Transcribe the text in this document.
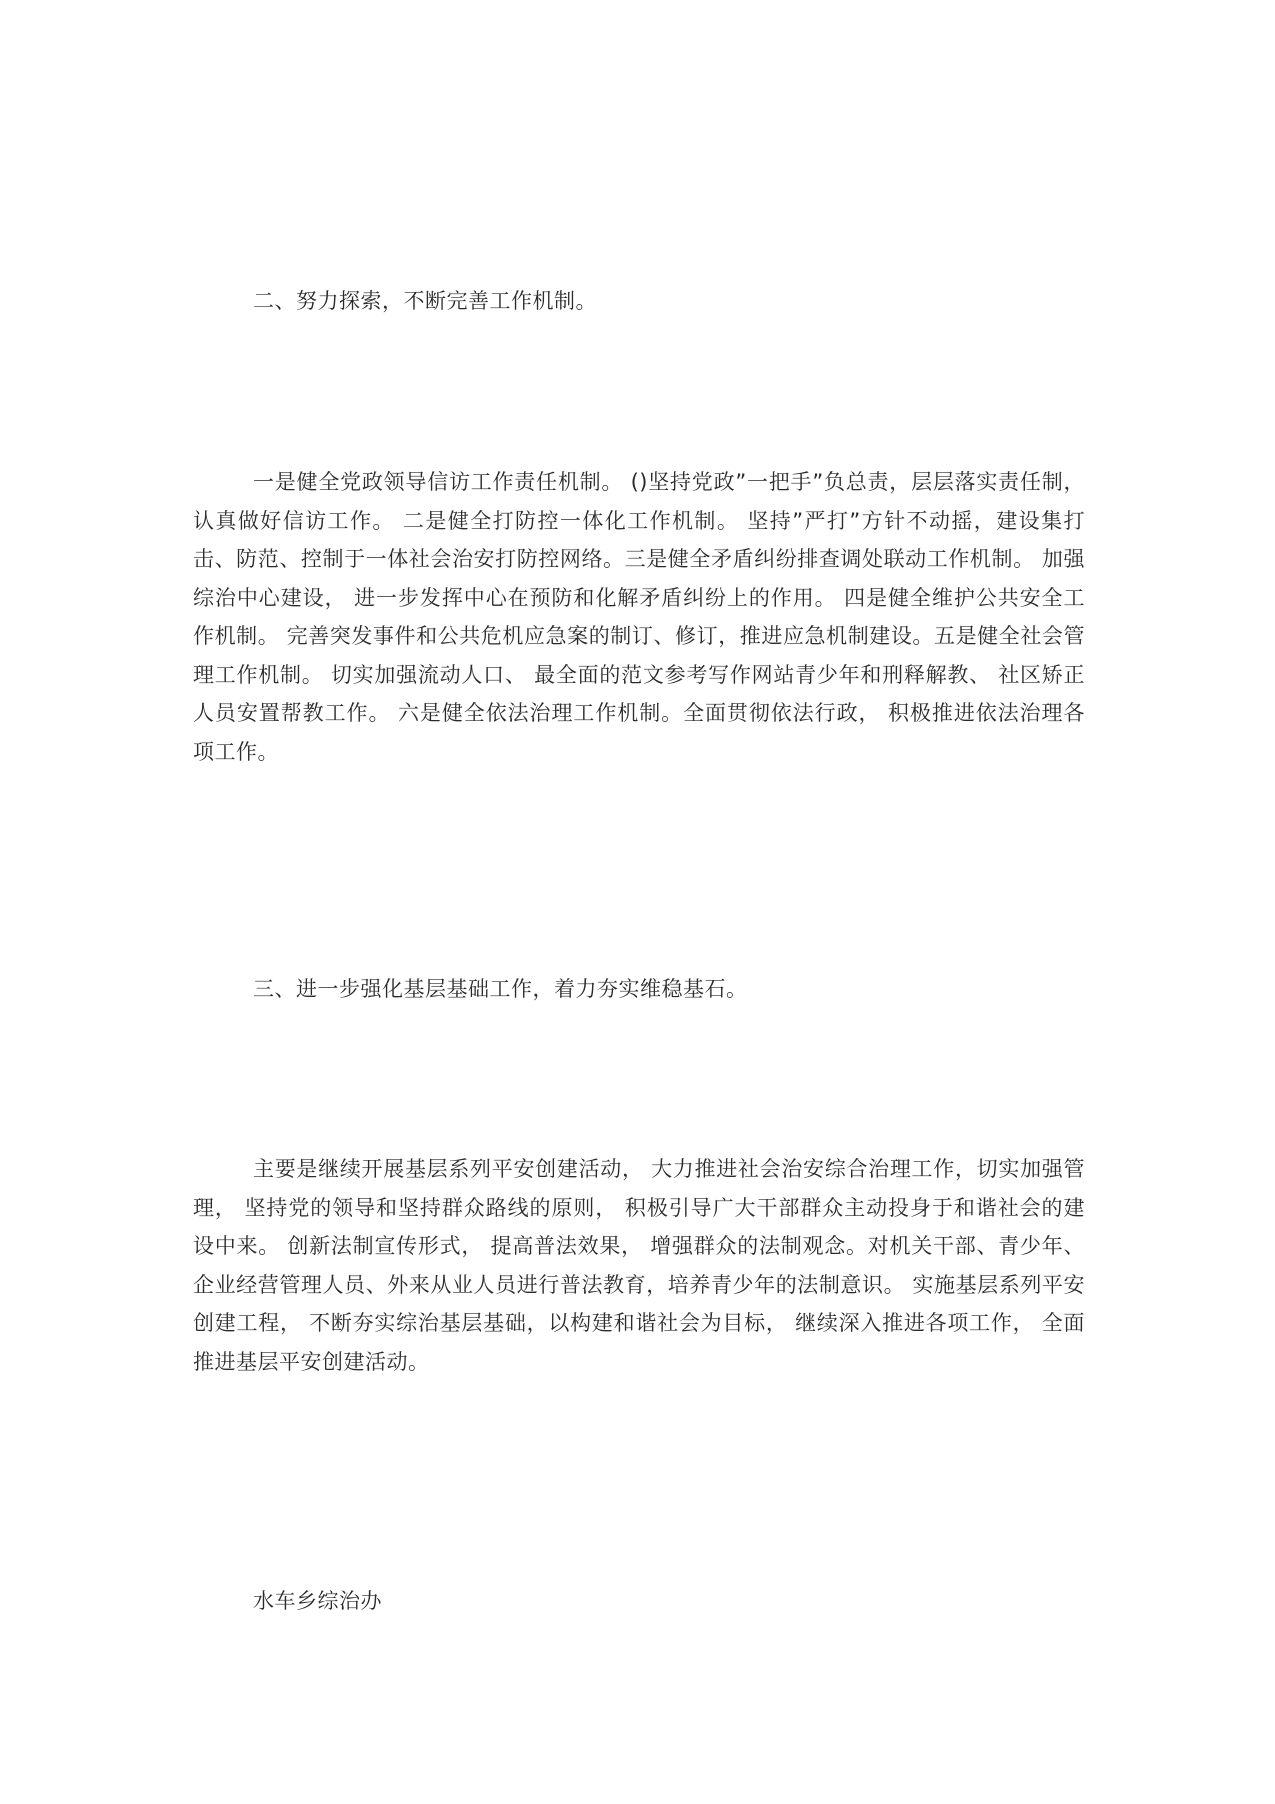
二、努力探索，不断完善工作机制。

一是健全党政领导信访工作责任机制。 ()坚持党政”一把手”负总责，层层落实责任制， 认真做好信访工作。 二是健全打防控一体化工作机制。 坚持”严打”方针不动摇，建设集打击、防范、控制于一体社会治安打防控网络。三是健全矛盾纠纷排查调处联动工作机制。 加强综治中心建设， 进一步发挥中心在预防和化解矛盾纠纷上的作用。 四是健全维护公共安全工作机制。 完善突发事件和公共危机应急案的制订、修订，推进应急机制建设。五是健全社会管理工作机制。 切实加强流动人口、 最全面的范文参考写作网站青少年和刑释解教、 社区矫正人员安置帮教工作。 六是健全依法治理工作机制。全面贯彻依法行政， 积极推进依法治理各项工作。

三、进一步强化基层基础工作，着力夯实维稳基石。

主要是继续开展基层系列平安创建活动， 大力推进社会治安综合治理工作，切实加强管理， 坚持党的领导和坚持群众路线的原则， 积极引导广大干部群众主动投身于和谐社会的建设中来。 创新法制宣传形式， 提高普法效果， 增强群众的法制观念。对机关干部、青少年、企业经营管理人员、外来从业人员进行普法教育，培养青少年的法制意识。 实施基层系列平安创建工程， 不断夯实综治基层基础，以构建和谐社会为目标， 继续深入推进各项工作， 全面推进基层平安创建活动。

水车乡综治办
